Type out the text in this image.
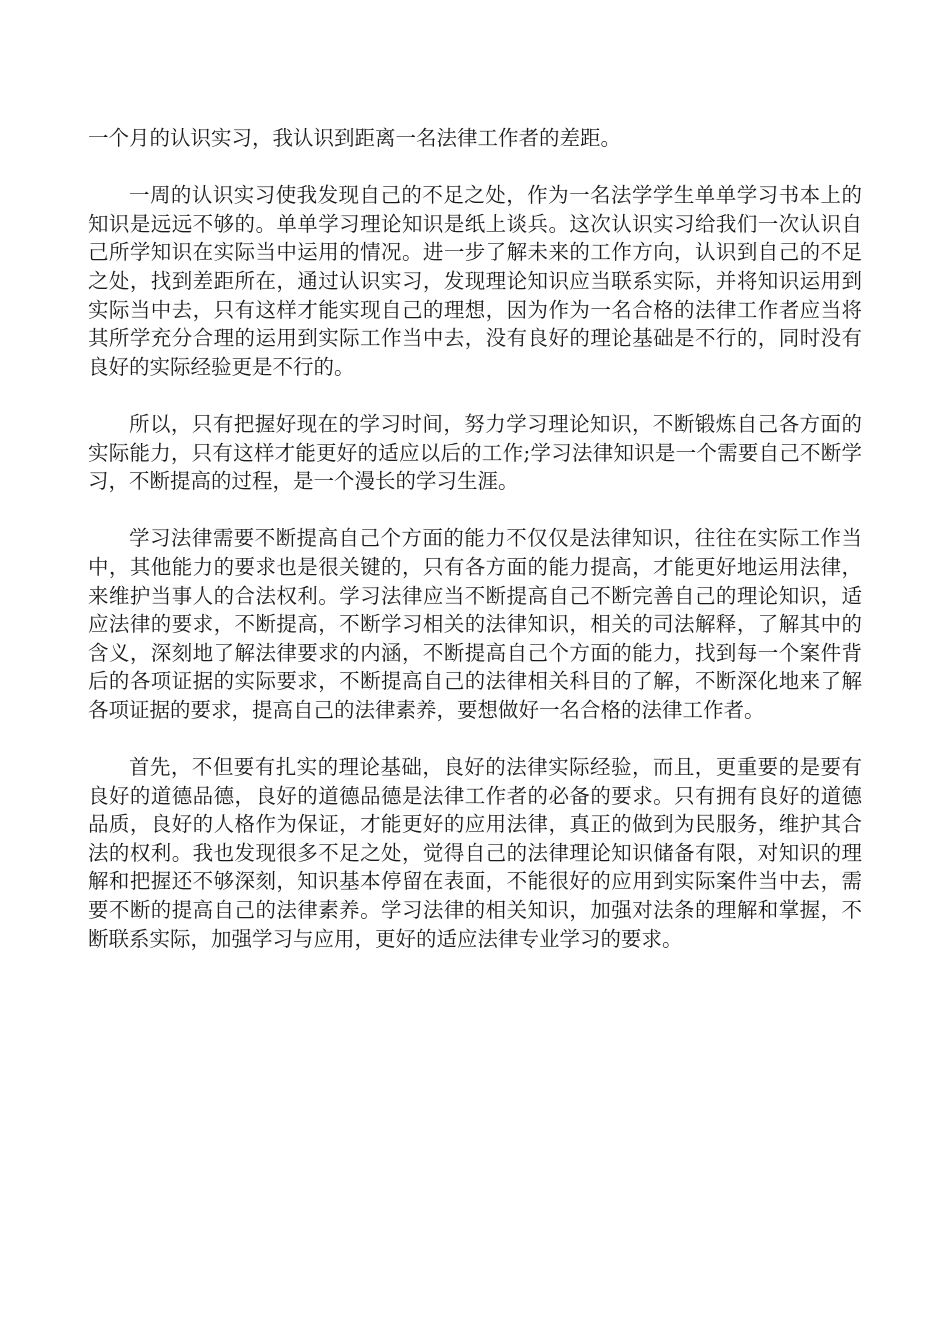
一个月的认识实习，我认识到距离一名法律工作者的差距。

一周的认识实习使我发现自己的不足之处，作为一名法学学生单单学习书本上的知识是远远不够的。单单学习理论知识是纸上谈兵。这次认识实习给我们一次认识自己所学知识在实际当中运用的情况。进一步了解未来的工作方向，认识到自己的不足之处，找到差距所在，通过认识实习，发现理论知识应当联系实际，并将知识运用到实际当中去，只有这样才能实现自己的理想，因为作为一名合格的法律工作者应当将其所学充分合理的运用到实际工作当中去，没有良好的理论基础是不行的，同时没有良好的实际经验更是不行的。

所以，只有把握好现在的学习时间，努力学习理论知识，不断锻炼自己各方面的实际能力，只有这样才能更好的适应以后的工作;学习法律知识是一个需要自己不断学习，不断提高的过程，是一个漫长的学习生涯。

学习法律需要不断提高自己个方面的能力不仅仅是法律知识，往往在实际工作当中，其他能力的要求也是很关键的，只有各方面的能力提高，才能更好地运用法律，来维护当事人的合法权利。学习法律应当不断提高自己不断完善自己的理论知识，适应法律的要求，不断提高，不断学习相关的法律知识，相关的司法解释，了解其中的含义，深刻地了解法律要求的内涵，不断提高自己个方面的能力，找到每一个案件背后的各项证据的实际要求，不断提高自己的法律相关科目的了解，不断深化地来了解各项证据的要求，提高自己的法律素养，要想做好一名合格的法律工作者。

首先，不但要有扎实的理论基础，良好的法律实际经验，而且，更重要的是要有良好的道德品德，良好的道德品德是法律工作者的必备的要求。只有拥有良好的道德品质，良好的人格作为保证，才能更好的应用法律，真正的做到为民服务，维护其合法的权利。我也发现很多不足之处，觉得自己的法律理论知识储备有限，对知识的理解和把握还不够深刻，知识基本停留在表面，不能很好的应用到实际案件当中去，需要不断的提高自己的法律素养。学习法律的相关知识，加强对法条的理解和掌握，不断联系实际，加强学习与应用，更好的适应法律专业学习的要求。
